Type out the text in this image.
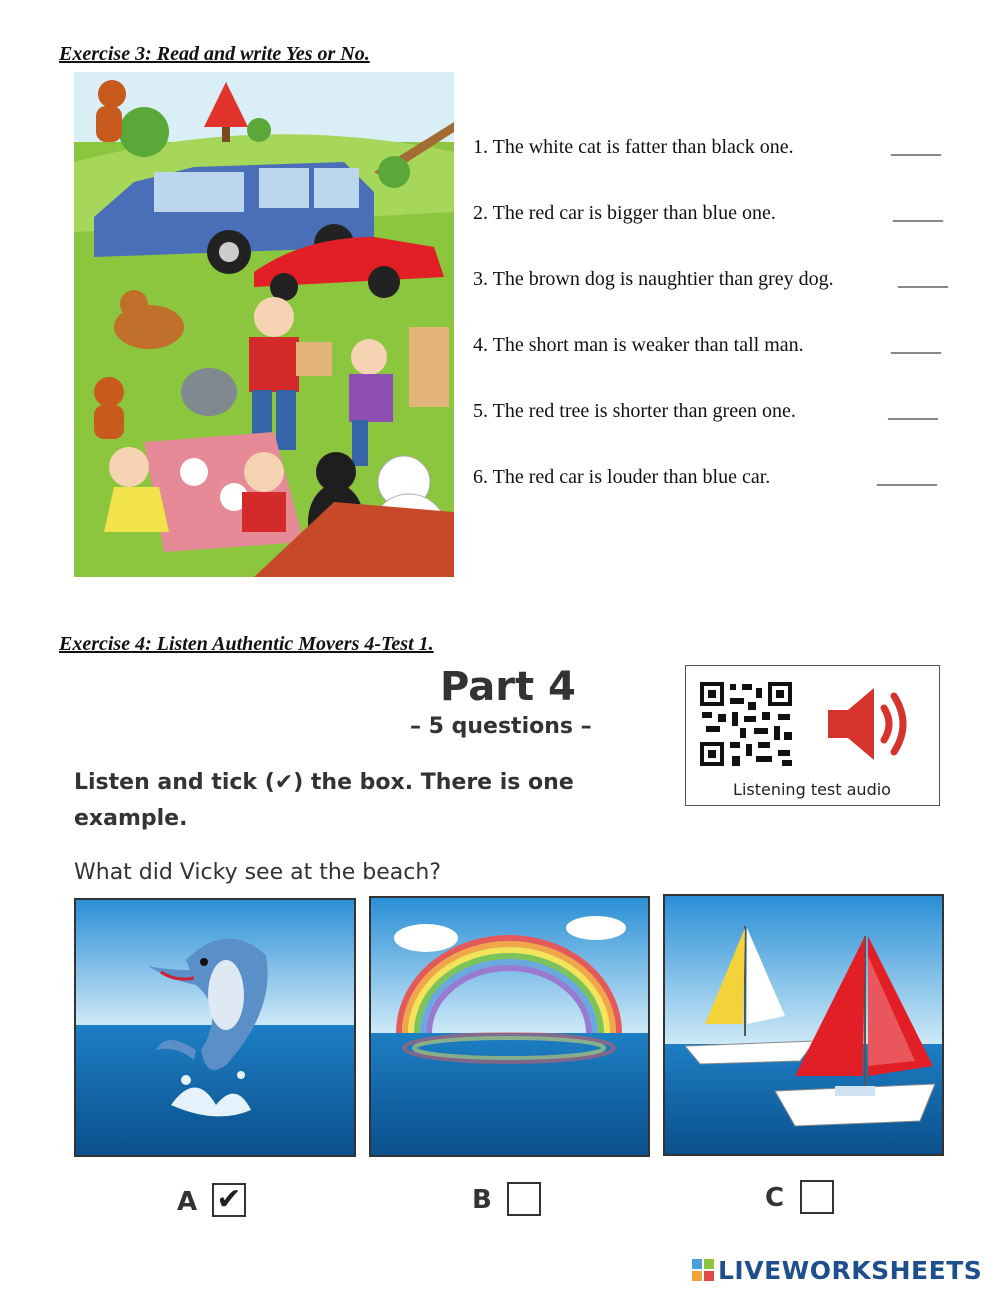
Exercise 3: Read and write Yes or No.
1. The white cat is fatter than black one.	_____
2. The red car is bigger than blue one.	_____
3. The brown dog is naughtier than grey dog.	_____
4. The short man is weaker than tall man.	_____
5. The red tree is shorter than green one.	_____
6. The red car is louder than blue car.	______
Exercise 4: Listen Authentic Movers 4-Test 1.
Part 4
– 5 questions –
Listening test audio
Listen and tick (✔) the box. There is one
example.
What did Vicky see at the beach?
A ✔	B	C
LIVEWORKSHEETS
